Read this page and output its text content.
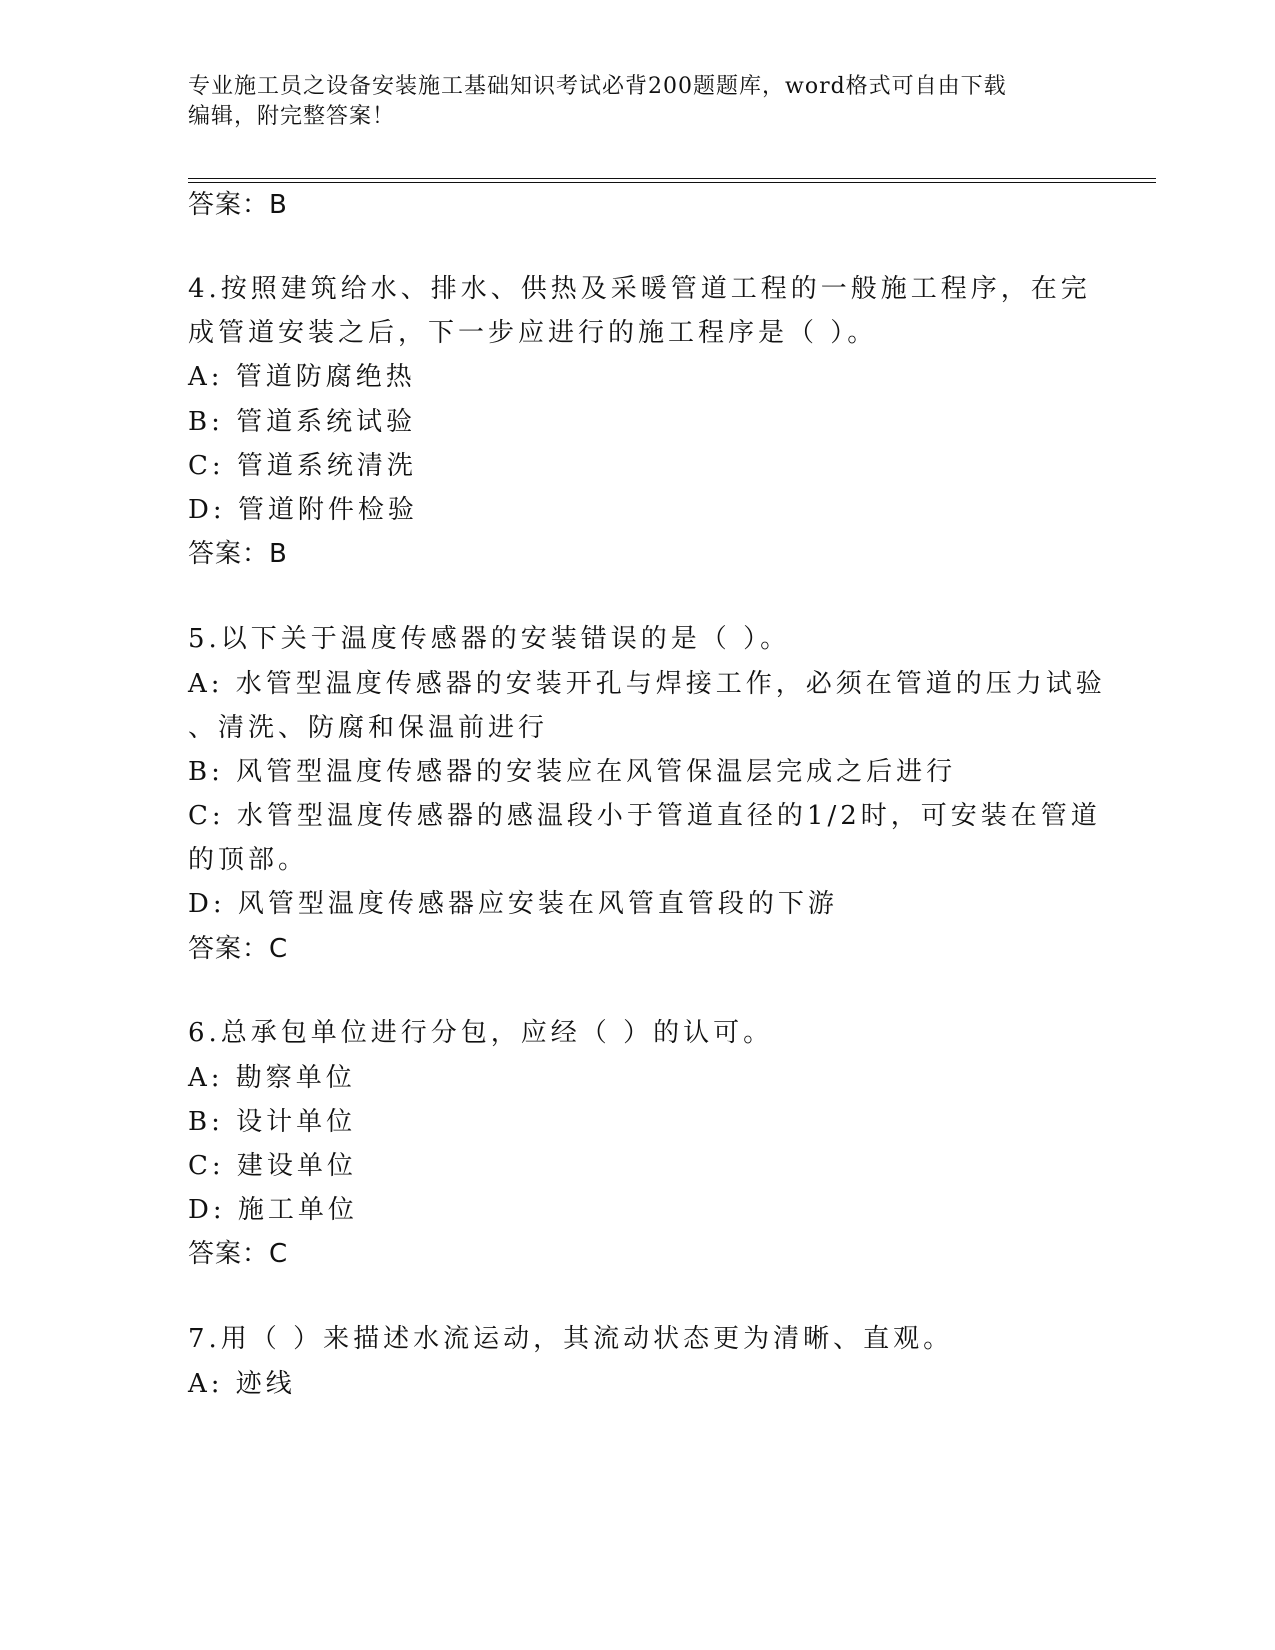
专业施工员之设备安装施工基础知识考试必背200题题库，word格式可自由下载
编辑，附完整答案！
答案：B
4.按照建筑给水、排水、供热及采暖管道工程的一般施工程序，在完
成管道安装之后，下一步应进行的施工程序是（ ）。
A: 管道防腐绝热
B: 管道系统试验
C: 管道系统清洗
D: 管道附件检验
答案：B
5.以下关于温度传感器的安装错误的是（ ）。
A: 水管型温度传感器的安装开孔与焊接工作，必须在管道的压力试验
、清洗、防腐和保温前进行
B: 风管型温度传感器的安装应在风管保温层完成之后进行
C: 水管型温度传感器的感温段小于管道直径的1/2时，可安装在管道
的顶部。
D: 风管型温度传感器应安装在风管直管段的下游
答案：C
6.总承包单位进行分包，应经（ ）的认可。
A: 勘察单位
B: 设计单位
C: 建设单位
D: 施工单位
答案：C
7.用（ ）来描述水流运动，其流动状态更为清晰、直观。
A: 迹线
